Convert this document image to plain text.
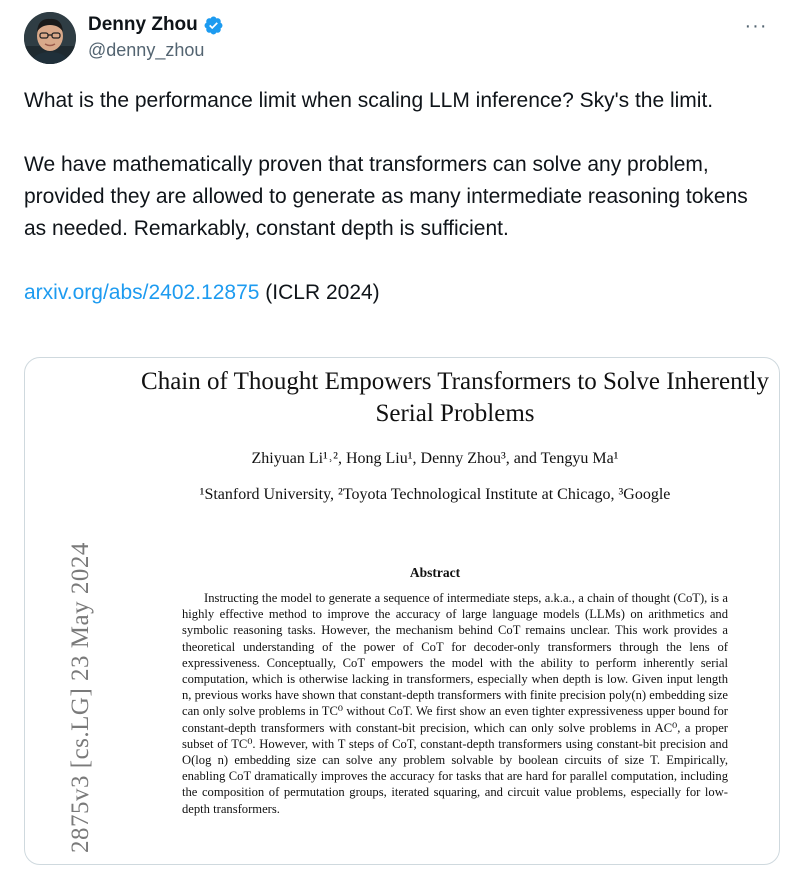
Denny Zhou
@denny_zhou
···

What is the performance limit when scaling LLM inference? Sky's the limit.

We have mathematically proven that transformers can solve any problem, provided they are allowed to generate as many intermediate reasoning tokens as needed. Remarkably, constant depth is sufficient.

arxiv.org/abs/2402.12875 (ICLR 2024)

2875v3 [cs.LG] 23 May 2024
Chain of Thought Empowers Transformers to Solve Inherently
Serial Problems
Zhiyuan Li¹˒², Hong Liu¹, Denny Zhou³, and Tengyu Ma¹
¹Stanford University, ²Toyota Technological Institute at Chicago, ³Google
Abstract
Instructing the model to generate a sequence of intermediate steps, a.k.a., a chain of thought (CoT), is a highly effective method to improve the accuracy of large language models (LLMs) on arithmetics and symbolic reasoning tasks. However, the mechanism behind CoT remains unclear. This work provides a theoretical understanding of the power of CoT for decoder-only transformers through the lens of expressiveness. Conceptually, CoT empowers the model with the ability to perform inherently serial computation, which is otherwise lacking in transformers, especially when depth is low. Given input length n, previous works have shown that constant-depth transformers with finite precision poly(n) embedding size can only solve problems in TC⁰ without CoT. We first show an even tighter expressiveness upper bound for constant-depth transformers with constant-bit precision, which can only solve problems in AC⁰, a proper subset of TC⁰. However, with T steps of CoT, constant-depth transformers using constant-bit precision and O(log n) embedding size can solve any problem solvable by boolean circuits of size T. Empirically, enabling CoT dramatically improves the accuracy for tasks that are hard for parallel computation, including the composition of permutation groups, iterated squaring, and circuit value problems, especially for low-depth transformers.
